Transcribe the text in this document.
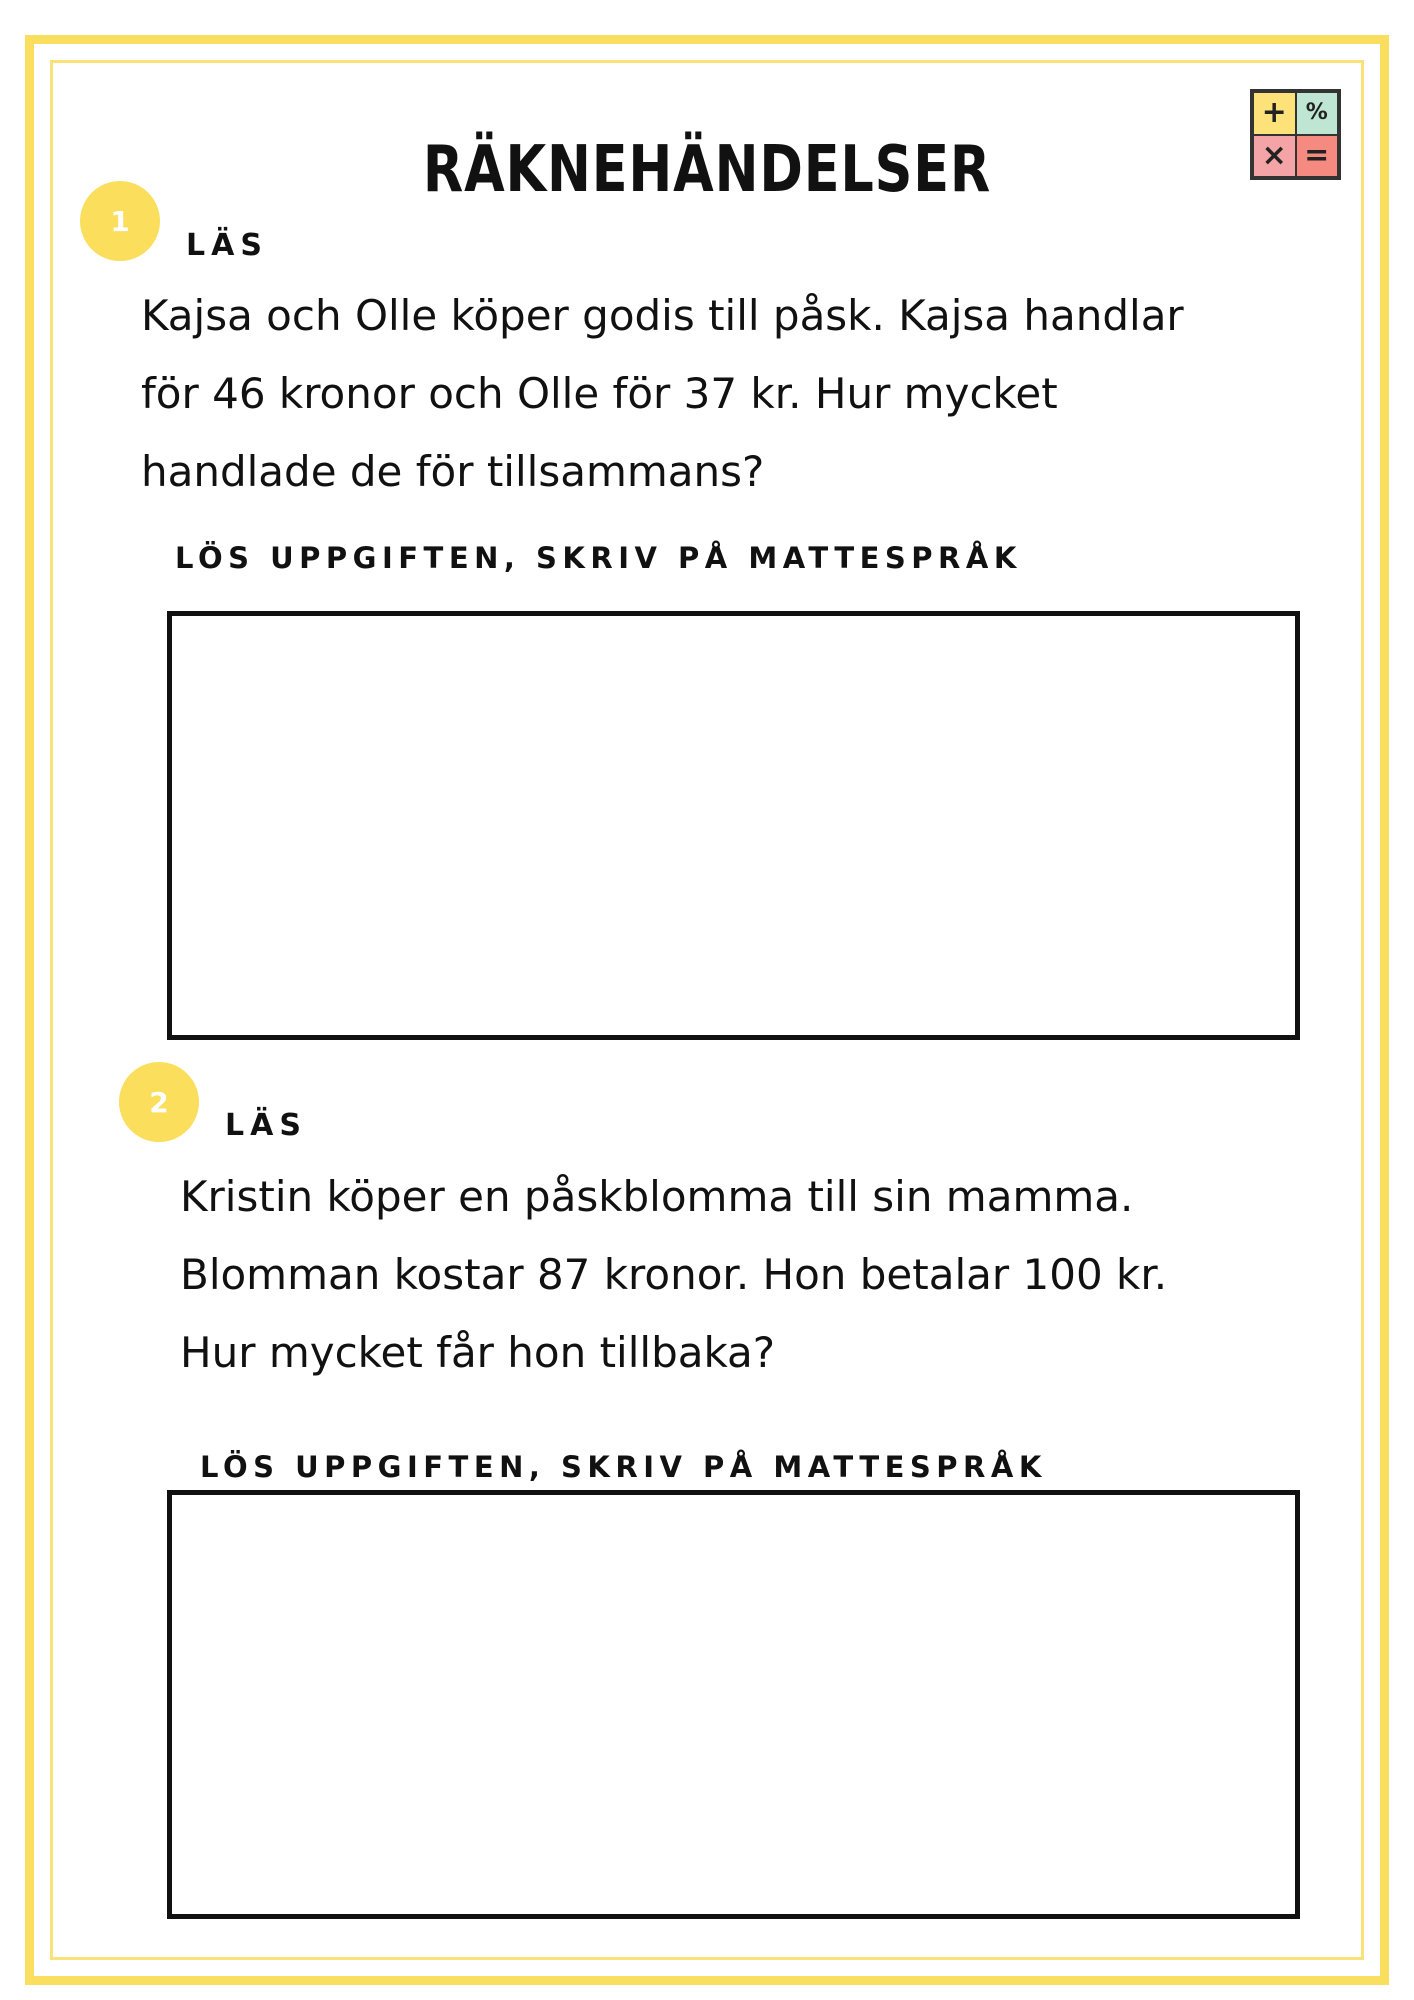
RÄKNEHÄNDELSER
+ %
× =
1
LÄS
Kajsa och Olle köper godis till påsk. Kajsa handlar
för 46 kronor och Olle för 37 kr. Hur mycket
handlade de för tillsammans?
LÖS UPPGIFTEN, SKRIV PÅ MATTESPRÅK
2
LÄS
Kristin köper en påskblomma till sin mamma.
Blomman kostar 87 kronor. Hon betalar 100 kr.
Hur mycket får hon tillbaka?
LÖS UPPGIFTEN, SKRIV PÅ MATTESPRÅK
